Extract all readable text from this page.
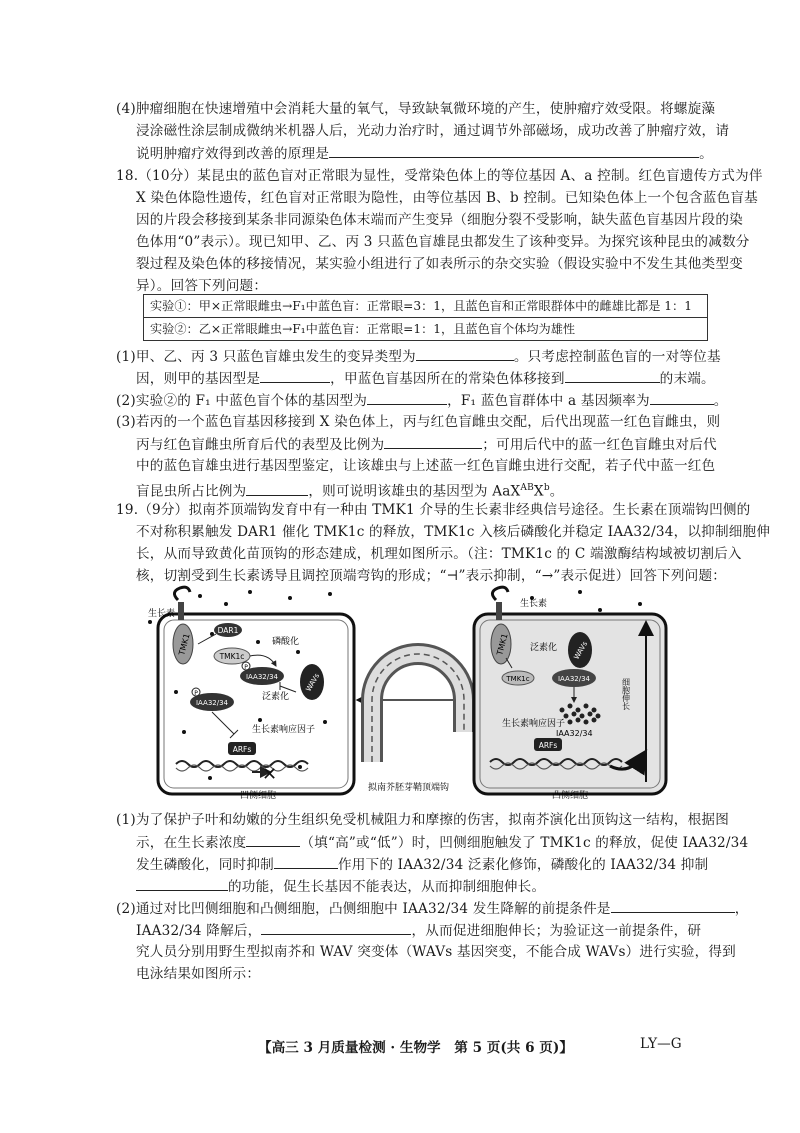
(4)肿瘤细胞在快速增殖中会消耗大量的氧气，导致缺氧微环境的产生，使肿瘤疗效受限。将螺旋藻
浸涂磁性涂层制成微纳米机器人后，光动力治疗时，通过调节外部磁场，成功改善了肿瘤疗效，请
说明肿瘤疗效得到改善的原理是	。
18.（10分）某昆虫的蓝色盲对正常眼为显性，受常染色体上的等位基因 A、a 控制。红色盲遗传方式为伴
X 染色体隐性遗传，红色盲对正常眼为隐性，由等位基因 B、b 控制。已知染色体上一个包含蓝色盲基
因的片段会移接到某条非同源染色体末端而产生变异（细胞分裂不受影响，缺失蓝色盲基因片段的染
色体用“0”表示）。现已知甲、乙、丙 3 只蓝色盲雄昆虫都发生了该种变异。为探究该种昆虫的减数分
裂过程及染色体的移接情况，某实验小组进行了如表所示的杂交实验（假设实验中不发生其他类型变
异）。回答下列问题：
实验①：甲×正常眼雌虫→F₁中蓝色盲：正常眼=3：1，且蓝色盲和正常眼群体中的雌雄比都是 1：1
实验②：乙×正常眼雌虫→F₁中蓝色盲：正常眼=1：1，且蓝色盲个体均为雄性
(1)甲、乙、丙 3 只蓝色盲雄虫发生的变异类型为	。只考虑控制蓝色盲的一对等位基
因，则甲的基因型是	，甲蓝色盲基因所在的常染色体移接到	的末端。
(2)实验②的 F₁ 中蓝色盲个体的基因型为	，F₁ 蓝色盲群体中 a 基因频率为	。
(3)若丙的一个蓝色盲基因移接到 X 染色体上，丙与红色盲雌虫交配，后代出现蓝一红色盲雌虫，则
丙与红色盲雌虫所育后代的表型及比例为	；可用后代中的蓝一红色盲雌虫对后代
中的蓝色盲雄虫进行基因型鉴定，让该雄虫与上述蓝一红色盲雌虫进行交配，若子代中蓝一红色
盲昆虫所占比例为	，则可说明该雄虫的基因型为 $AaX^{AB}X^b$。
19.（9分）拟南芥顶端钩发育中有一种由 TMK1 介导的生长素非经典信号途径。生长素在顶端钩凹侧的
不对称积累触发 DAR1 催化 TMK1c 的释放，TMK1c 入核后磷酸化并稳定 IAA32/34，以抑制细胞伸
长，从而导致黄化苗顶钩的形态建成，机理如图所示。（注：TMK1c 的 C 端激酶结构域被切割后入
核，切割受到生长素诱导且调控顶端弯钩的形成；“⊣”表示抑制，“→”表示促进）回答下列问题：
TMK1
生长素
DAR1
TMK1c
磷酸化
IAA32/34
P
WAVs
泛素化
IAA32/34
P
生长素响应因子
ARFs
✕
凹侧细胞
拟南芥胚芽鞘顶端钩
TMK1
生长素
TMK1c
泛素化 WAVs
IAA32/34
生长素响应因子
IAA32/34
ARFs
细胞伸长
凸侧细胞
(1)为了保护子叶和幼嫩的分生组织免受机械阻力和摩擦的伤害，拟南芥演化出顶钩这一结构，根据图
示，在生长素浓度	（填“高”或“低”）时，凹侧细胞触发了 TMK1c 的释放，促使 IAA32/34
发生磷酸化，同时抑制	作用下的 IAA32/34 泛素化修饰，磷酸化的 IAA32/34 抑制
的功能，促生长基因不能表达，从而抑制细胞伸长。
(2)通过对比凹侧细胞和凸侧细胞，凸侧细胞中 IAA32/34 发生降解的前提条件是	，
IAA32/34 降解后，	，从而促进细胞伸长；为验证这一前提条件，研
究人员分别用野生型拟南芥和 WAV 突变体（WAVs 基因突变，不能合成 WAVs）进行实验，得到
电泳结果如图所示：
【高三 3 月质量检测 · 生物学　第 5 页(共 6 页)】	LY—G
